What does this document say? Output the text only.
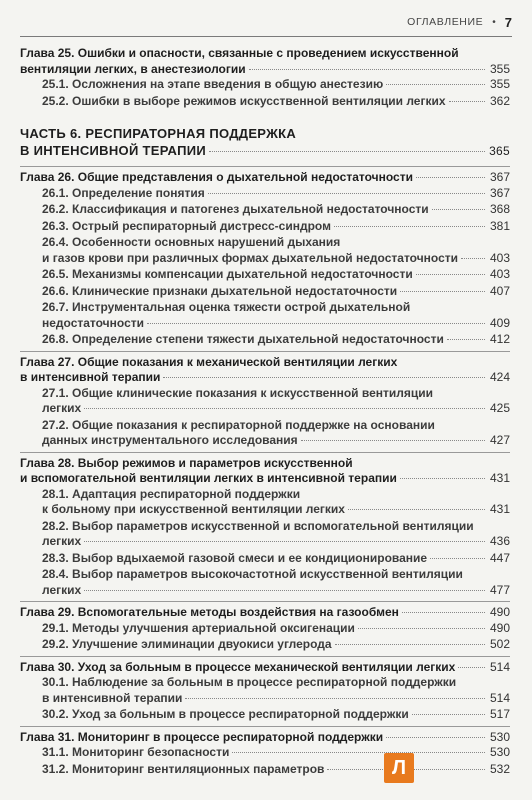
ОГЛАВЛЕНИЕ • 7
Глава 25. Ошибки и опасности, связанные с проведением искусственной
вентиляции легких, в анестезиологии	355
25.1. Осложнения на этапе введения в общую анестезию	355
25.2. Ошибки в выборе режимов искусственной вентиляции легких	362
ЧАСТЬ 6. РЕСПИРАТОРНАЯ ПОДДЕРЖКА
В ИНТЕНСИВНОЙ ТЕРАПИИ	365
Глава 26. Общие представления о дыхательной недостаточности	367
26.1. Определение понятия	367
26.2. Классификация и патогенез дыхательной недостаточности	368
26.3. Острый респираторный дистресс-синдром	381
26.4. Особенности основных нарушений дыхания
и газов крови при различных формах дыхательной недостаточности	403
26.5. Механизмы компенсации дыхательной недостаточности	403
26.6. Клинические признаки дыхательной недостаточности	407
26.7. Инструментальная оценка тяжести острой дыхательной
недостаточности	409
26.8. Определение степени тяжести дыхательной недостаточности	412
Глава 27. Общие показания к механической вентиляции легких
в интенсивной терапии	424
27.1. Общие клинические показания к искусственной вентиляции
легких	425
27.2. Общие показания к респираторной поддержке на основании
данных инструментального исследования	427
Глава 28. Выбор режимов и параметров искусственной
и вспомогательной вентиляции легких в интенсивной терапии	431
28.1. Адаптация респираторной поддержки
к больному при искусственной вентиляции легких	431
28.2. Выбор параметров искусственной и вспомогательной вентиляции
легких	436
28.3. Выбор вдыхаемой газовой смеси и ее кондиционирование	447
28.4. Выбор параметров высокочастотной искусственной вентиляции
легких	477
Глава 29. Вспомогательные методы воздействия на газообмен	490
29.1. Методы улучшения артериальной оксигенации	490
29.2. Улучшение элиминации двуокиси углерода	502
Глава 30. Уход за больным в процессе механической вентиляции легких	514
30.1. Наблюдение за больным в процессе респираторной поддержки
в интенсивной терапии	514
30.2. Уход за больным в процессе респираторной поддержки	517
Глава 31. Мониторинг в процессе респираторной поддержки	530
31.1. Мониторинг безопасности	530
31.2. Мониторинг вентиляционных параметров	532
Л
